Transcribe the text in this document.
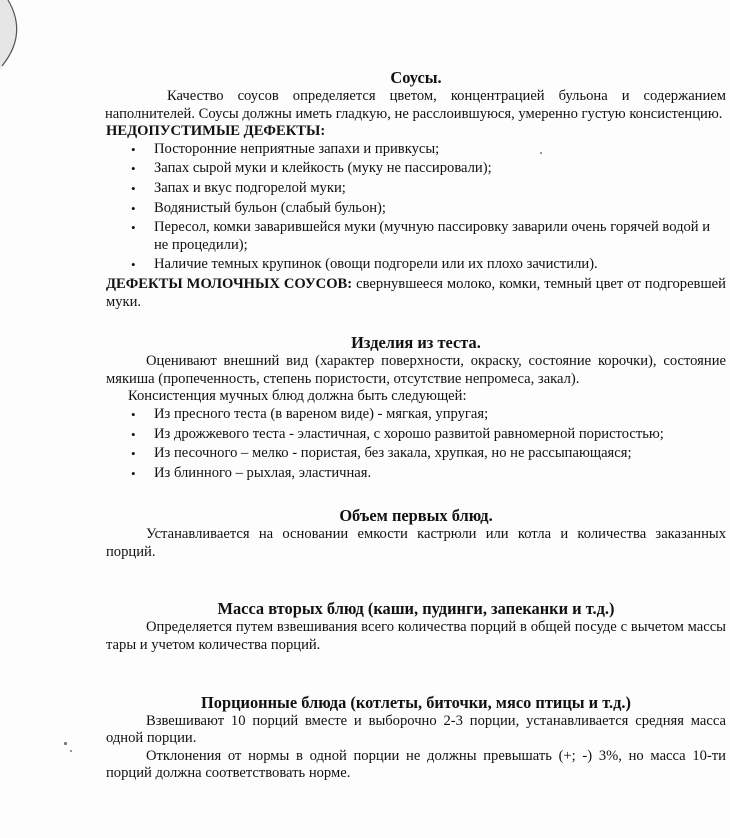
Соусы.

Качество соусов определяется цветом, концентрацией бульона и содержанием наполнителей. Соусы должны иметь гладкую, не расслоившуюся, умеренно густую консистенцию.

НЕДОПУСТИМЫЕ ДЕФЕКТЫ:
• Посторонние неприятные запахи и привкусы;
• Запах сырой муки и клейкость (муку не пассировали);
• Запах и вкус подгорелой муки;
• Водянистый бульон (слабый бульон);
• Пересол, комки заварившейся муки (мучную пассировку заварили очень горячей водой и не процедили);
• Наличие темных крупинок (овощи подгорели или их плохо зачистили).

ДЕФЕКТЫ МОЛОЧНЫХ СОУСОВ: свернувшееся молоко, комки, темный цвет от подгоревшей муки.

Изделия из теста.

Оценивают внешний вид (характер поверхности, окраску, состояние корочки), состояние мякиша (пропеченность, степень пористости, отсутствие непромеса, закал).

Консистенция мучных блюд должна быть следующей:

• Из пресного теста (в вареном виде) - мягкая, упругая;
• Из дрожжевого теста - эластичная, с хорошо развитой равномерной пористостью;
• Из песочного – мелко - пористая, без закала, хрупкая, но не рассыпающаяся;
• Из блинного – рыхлая, эластичная.
Объем первых блюд.

Устанавливается на основании емкости кастрюли или котла и количества заказанных порций.

Масса вторых блюд (каши, пудинги, запеканки и т.д.)

Определяется путем взвешивания всего количества порций в общей посуде с вычетом массы тары и учетом количества порций.

Порционные блюда (котлеты, биточки, мясо птицы и т.д.)

Взвешивают 10 порций вместе и выборочно 2-3 порции, устанавливается средняя масса одной порции.

Отклонения от нормы в одной порции не должны превышать (+; -) 3%, но масса 10-ти порций должна соответствовать норме.
